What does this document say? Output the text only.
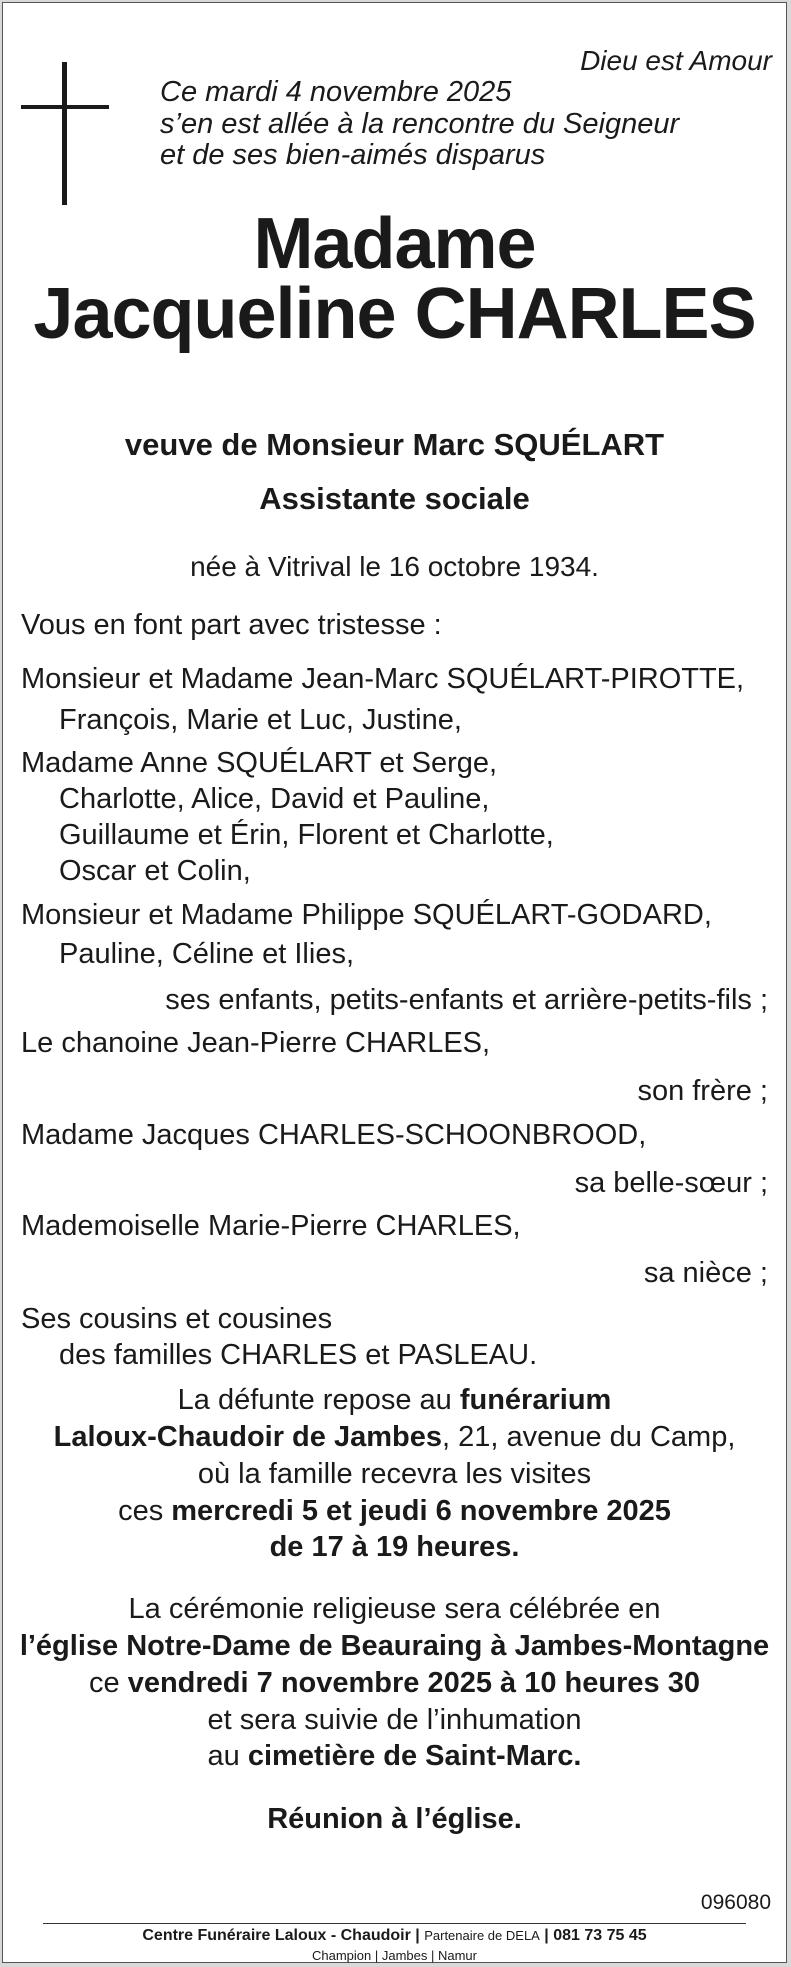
Dieu est Amour
Ce mardi 4 novembre 2025
s’en est allée à la rencontre du Seigneur
et de ses bien-aimés disparus
Madame
Jacqueline CHARLES
veuve de Monsieur Marc SQUÉLART
Assistante sociale
née à Vitrival le 16 octobre 1934.
Vous en font part avec tristesse :
Monsieur et Madame Jean-Marc SQUÉLART-PIROTTE,
François, Marie et Luc, Justine,
Madame Anne SQUÉLART et Serge,
Charlotte, Alice, David et Pauline,
Guillaume et Érin, Florent et Charlotte,
Oscar et Colin,
Monsieur et Madame Philippe SQUÉLART-GODARD,
Pauline, Céline et Ilies,
ses enfants, petits-enfants et arrière-petits-fils ;
Le chanoine Jean-Pierre CHARLES,
son frère ;
Madame Jacques CHARLES-SCHOONBROOD,
sa belle-sœur ;
Mademoiselle Marie-Pierre CHARLES,
sa nièce ;
Ses cousins et cousines
des familles CHARLES et PASLEAU.
La défunte repose au funérarium
Laloux-Chaudoir de Jambes, 21, avenue du Camp,
où la famille recevra les visites
ces mercredi 5 et jeudi 6 novembre 2025
de 17 à 19 heures.
La cérémonie religieuse sera célébrée en
l’église Notre-Dame de Beauraing à Jambes-Montagne
ce vendredi 7 novembre 2025 à 10 heures 30
et sera suivie de l’inhumation
au cimetière de Saint-Marc.
Réunion à l’église.
096080
Centre Funéraire Laloux - Chaudoir | Partenaire de DELA | 081 73 75 45
Champion | Jambes | Namur
